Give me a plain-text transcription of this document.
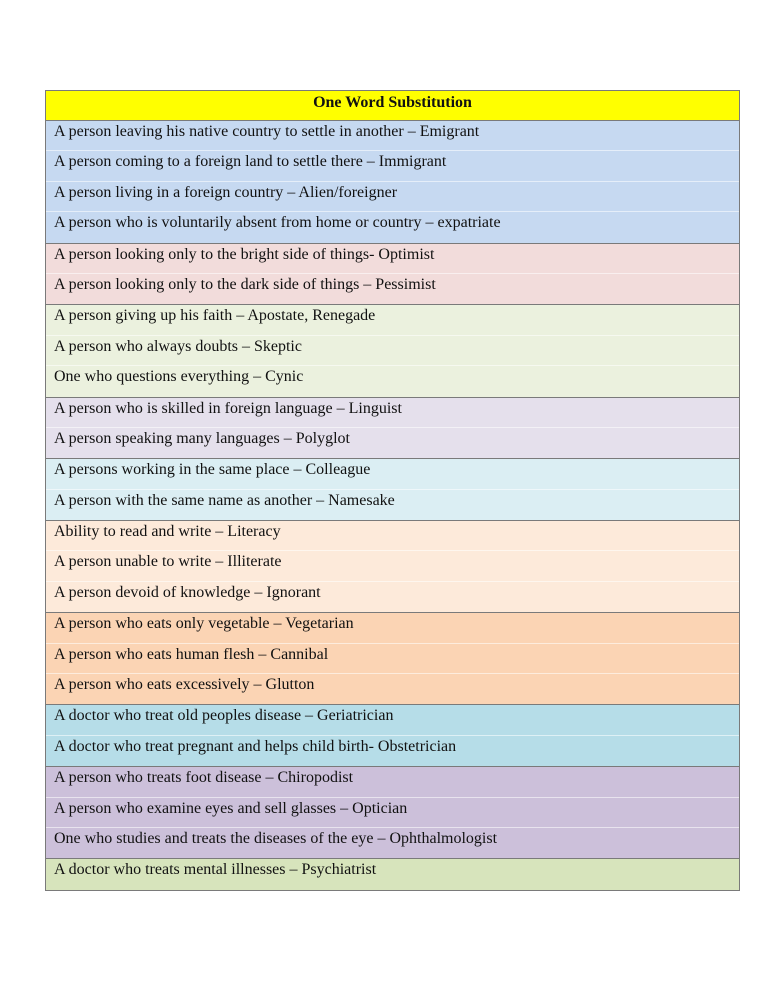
One Word Substitution
A person leaving his native country to settle in another – Emigrant
A person coming to a foreign land to settle there – Immigrant
A person living in a foreign country – Alien/foreigner
A person who is voluntarily absent from home or country – expatriate
A person looking only to the bright side of things- Optimist
A person looking only to the dark side of things – Pessimist
A person giving up his faith – Apostate, Renegade
A person who always doubts – Skeptic
One who questions everything – Cynic
A person who is skilled in foreign language – Linguist
A person speaking many languages – Polyglot
A persons working in the same place – Colleague
A person with the same name as another – Namesake
Ability to read and write – Literacy
A person unable to write – Illiterate
A person devoid of knowledge – Ignorant
A person who eats only vegetable – Vegetarian
A person who eats human flesh – Cannibal
A person who eats excessively – Glutton
A doctor who treat old peoples disease – Geriatrician
A doctor who treat pregnant and helps child birth- Obstetrician
A person who treats foot disease – Chiropodist
A person who examine eyes and sell glasses – Optician
One who studies and treats the diseases of the eye – Ophthalmologist
A doctor who treats mental illnesses – Psychiatrist
